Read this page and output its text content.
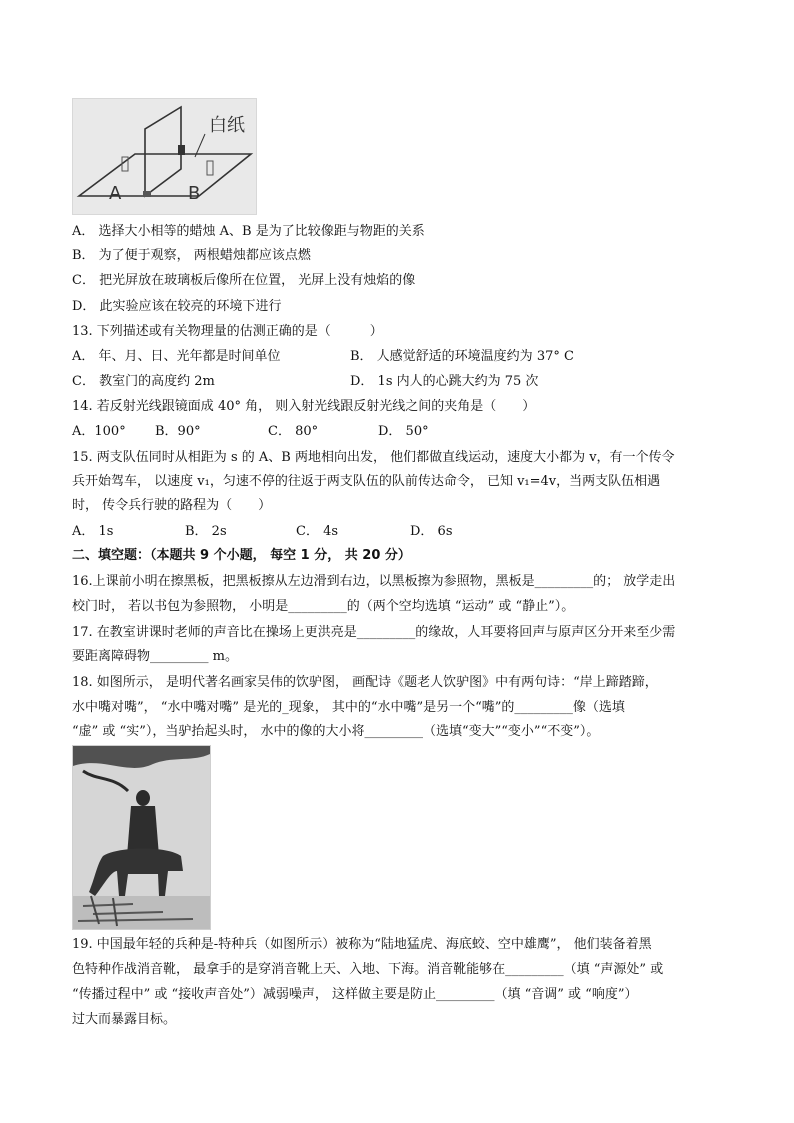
白纸
A	B
A． 选择大小相等的蜡烛 A、B 是为了比较像距与物距的关系
B． 为了便于观察， 两根蜡烛都应该点燃
C． 把光屏放在玻璃板后像所在位置， 光屏上没有烛焰的像
D． 此实验应该在较亮的环境下进行
13. 下列描述或有关物理量的估测正确的是（　　　）
A． 年、月、日、光年都是时间单位	B． 人感觉舒适的环境温度约为 37° C
C． 教室门的高度约 2m	D． 1s 内人的心跳大约为 75 次
14. 若反射光线跟镜面成 40° 角， 则入射光线跟反射光线之间的夹角是（　　）
A．100° B．90°	C． 80°	D． 50°
15. 两支队伍同时从相距为 s 的 A、B 两地相向出发， 他们都做直线运动，速度大小都为 v，有一个传令
兵开始驾车， 以速度 v₁，匀速不停的往返于两支队伍的队前传达命令， 已知 v₁=4v，当两支队伍相遇
时， 传令兵行驶的路程为（　　）
A． 1s	B． 2s	C． 4s	D． 6s
二、填空题：（本题共 9 个小题， 每空 1 分， 共 20 分）
16.上课前小明在擦黑板，把黑板擦从左边滑到右边，以黑板擦为参照物，黑板是_________的； 放学走出
校门时， 若以书包为参照物， 小明是_________的（两个空均选填 “运动” 或 “静止”）。
17. 在教室讲课时老师的声音比在操场上更洪亮是_________的缘故，人耳要将回声与原声区分开来至少需
要距离障碍物_________ m。
18. 如图所示， 是明代著名画家吴伟的饮驴图， 画配诗《题老人饮驴图》中有两句诗：“岸上蹄踏蹄，
水中嘴对嘴”， “水中嘴对嘴” 是光的_现象， 其中的“水中嘴”是另一个“嘴”的_________像（选填
“虚” 或 “实”），当驴抬起头时， 水中的像的大小将_________（选填“变大”“变小”“不变”）。
19. 中国最年轻的兵种是-特种兵（如图所示）被称为“陆地猛虎、海底蛟、空中雄鹰”， 他们装备着黑
色特种作战消音靴， 最拿手的是穿消音靴上天、入地、下海。消音靴能够在_________（填 “声源处” 或
“传播过程中” 或 “接收声音处”）减弱噪声， 这样做主要是防止_________（填 “音调” 或 “响度”）
过大而暴露目标。
